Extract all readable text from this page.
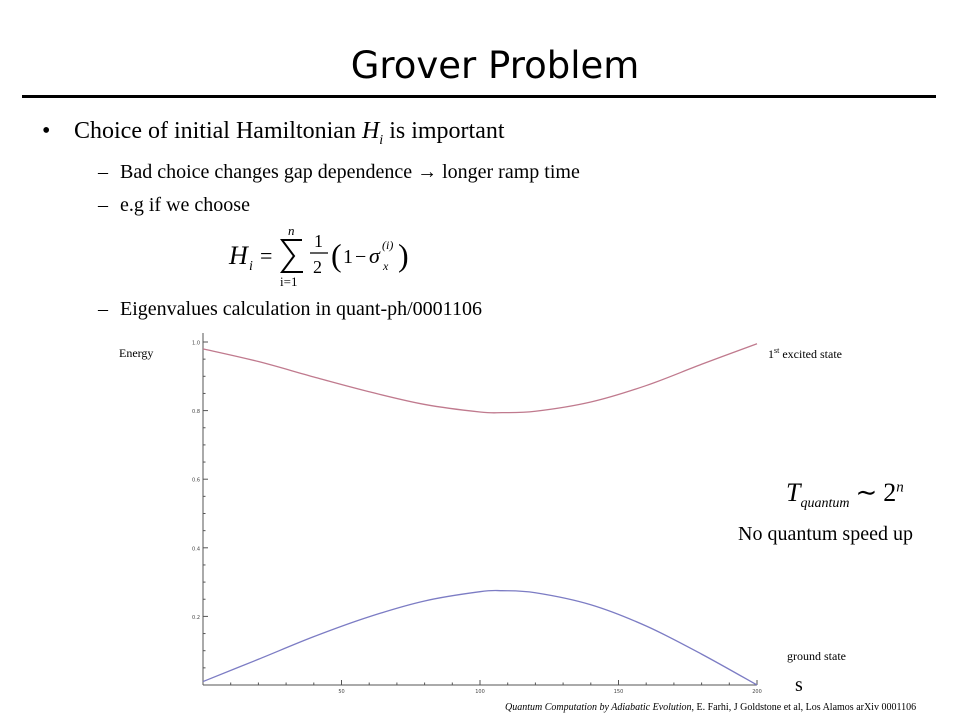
Grover Problem
• Choice of initial Hamiltonian $H_i$ is important
– Bad choice changes gap dependence → longer ramp time
– e.g if we choose
– Eigenvalues calculation in quant-ph/0001106
H i =
n
i=1
1
2 ( 1 − σ (i)
x )
0.2
0.4
0.6
0.8
1.0
50	100	150	200
Energy	1st excited state
ground state
s
$T_{quantum}$ ∼ 2$^n$
No quantum speed up
Quantum Computation by Adiabatic Evolution, E. Farhi, J Goldstone et al, Los Alamos arXiv 0001106
